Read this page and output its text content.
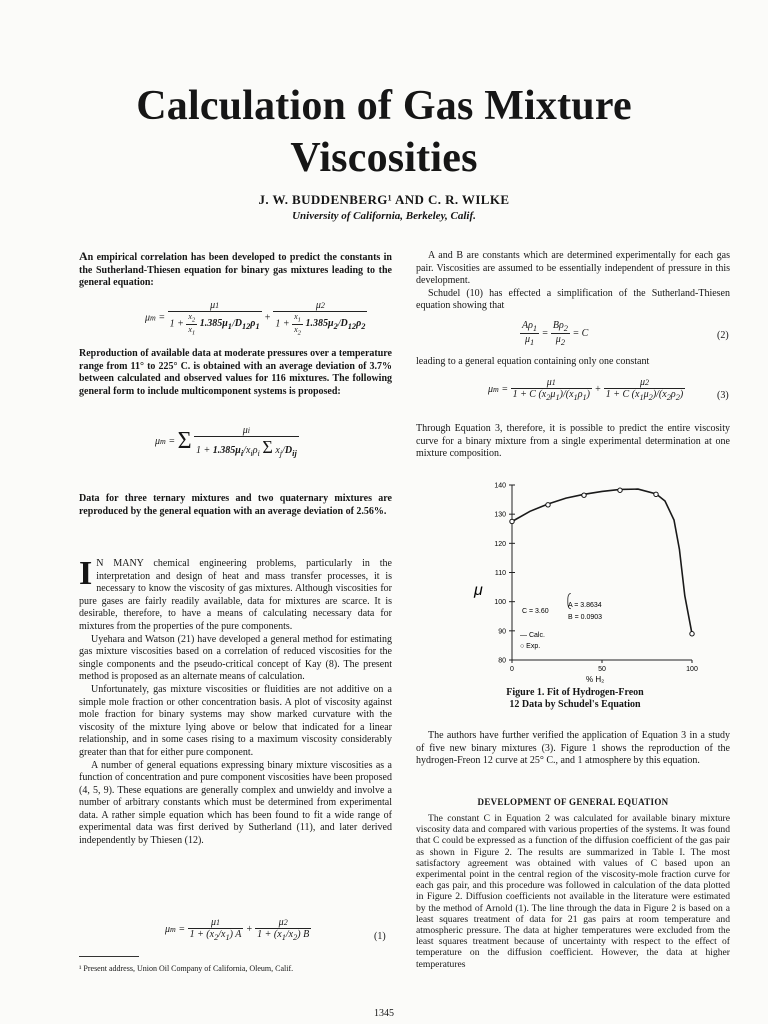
Calculation of Gas Mixture
Viscosities
J. W. BUDDENBERG¹ AND C. R. WILKE
University of California, Berkeley, Calif.
An empirical correlation has been developed to predict the constants in the Sutherland-Thiesen equation for binary gas mixtures leading to the general equation:
$\mu m = \frac{\mu 1}{1 + \frac{x_2}{x_1} 1.385\mu_1/D_{12}\rho_1} + \frac{\mu 2}{1 + \frac{x_1}{x_2} 1.385\mu_2/D_{12}\rho_2}$
Reproduction of available data at moderate pressures over a temperature range from 11° to 225° C. is obtained with an average deviation of 3.7% between calculated and observed values for 116 mixtures. The following general form to include multicomponent systems is proposed:
μm = Σ $\frac{\mu i}{1 + 1.385\mu_i/x_i\rho_i \Sigma x_j/D_{ij}}$
Data for three ternary mixtures and two quaternary mixtures are reproduced by the general equation with an average deviation of 2.56%.

I N MANY chemical engineering problems, particularly in the interpretation and design of heat and mass transfer processes, it is necessary to know the viscosity of gas mixtures. Although viscosities for pure gases are fairly readily available, data for mixtures are scarce. It is desirable, therefore, to have a means of calculating necessary data for mixtures from the properties of the pure components.

Uyehara and Watson (21) have developed a general method for estimating gas mixture viscosities based on a correlation of reduced viscosities for the single components and the pseudo-critical concept of Kay (8). The present method is proposed as an alternate means of calculation.

Unfortunately, gas mixture viscosities or fluidities are not additive on a simple mole fraction or other concentration basis. A plot of viscosity against mole fraction for binary systems may show marked curvature with the viscosity of the mixture lying above or below that indicated for a linear relationship, and in some cases rising to a maximum viscosity considerably greater than that for either pure component.

A number of general equations expressing binary mixture viscosities as a function of concentration and pure component viscosities have been proposed (4, 5, 9). These equations are generally complex and unwieldy and involve a number of arbitrary constants which must be determined from experimental data. A rather simple equation which has been found to fit a wide range of experimental data was first derived by Sutherland (11), and later derived independently by Thiesen (12).

$\mu m = \frac{\mu 1}{1 + (x_2/x_1) A} + \frac{\mu 2}{1 + (x_1/x_2) B}$	(1)
¹ Present address, Union Oil Company of California, Oleum, Calif.

A and B are constants which are determined experimentally for each gas pair. Viscosities are assumed to be essentially independent of pressure in this development.

Schudel (10) has effected a simplification of the Sutherland-Thiesen equation showing that

$\frac{A\rho_1}{\mu_1} = \frac{B\rho_2}{\mu_2} = C$	(2)
leading to a general equation containing only one constant
$\mu m = \frac{\mu 1}{1 + C (x_2\mu_1)/(x_1\rho_1)} + \frac{\mu 2}{1 + C (x_1\mu_2)/(x_2\rho_2)}$	(3)
Through Equation 3, therefore, it is possible to predict the entire viscosity curve for a binary mixture from a single experimental determination at one mixture composition.
80
90
100
110
120
130
140
0	50	100
μ
% H₂
C = 3.60
A = 3.8634
B = 0.0903
— Calc.
○ Exp.
Figure 1. Fit of Hydrogen-Freon
12 Data by Schudel's Equation

The authors have further verified the application of Equation 3 in a study of five new binary mixtures (3). Figure 1 shows the reproduction of the hydrogen-Freon 12 curve at 25° C., and 1 atmosphere by this equation.

DEVELOPMENT OF GENERAL EQUATION

The constant C in Equation 2 was calculated for available binary mixture viscosity data and compared with various properties of the systems. It was found that C could be expressed as a function of the diffusion coefficient of the gas pair as shown in Figure 2. The results are summarized in Table I. The most satisfactory agreement was obtained with values of C based upon an experimental point in the central region of the viscosity-mole fraction curve for each gas pair, and this procedure was followed in calculation of the data plotted in Figure 2. Diffusion coefficients not available in the literature were estimated by the method of Arnold (1). The line through the data in Figure 2 is based on a least squares treatment of data for 21 gas pairs at room temperature and atmospheric pressure. The data at higher temperatures were excluded from the least squares treatment because of uncertainty with respect to the effect of temperature on the diffusion coefficient. However, the data at higher temperatures

1345
